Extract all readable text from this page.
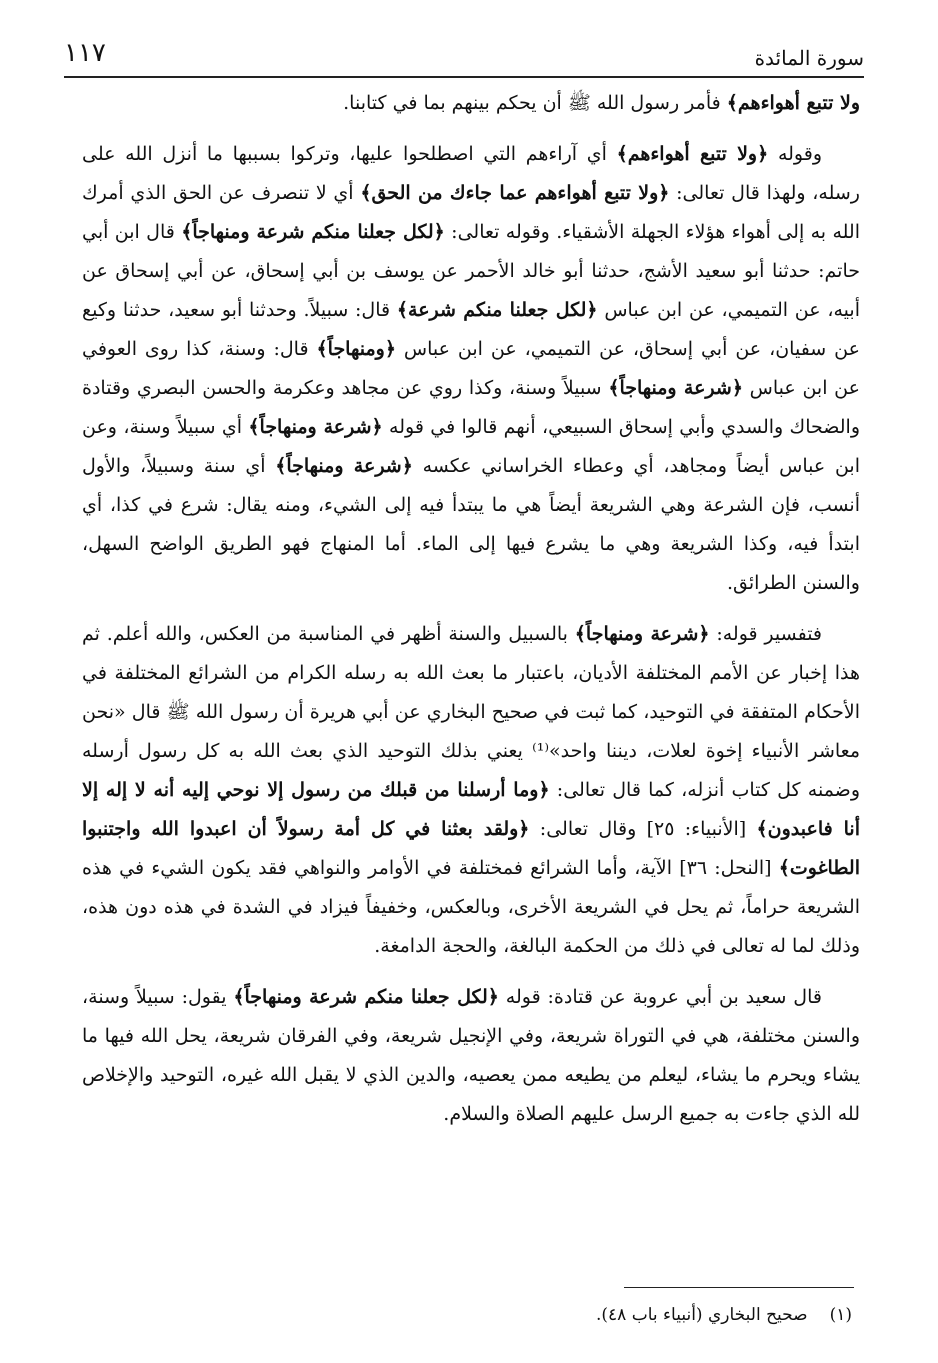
سورة المائدة
١١٧

ولا تتبع أهواءهم﴾ فأمر رسول الله ﷺ أن يحكم بينهم بما في كتابنا.

وقوله ﴿ولا تتبع أهواءهم﴾ أي آراءهم التي اصطلحوا عليها، وتركوا بسببها ما أنزل الله على رسله، ولهذا قال تعالى: ﴿ولا تتبع أهواءهم عما جاءك من الحق﴾ أي لا تنصرف عن الحق الذي أمرك الله به إلى أهواء هؤلاء الجهلة الأشقياء. وقوله تعالى: ﴿لكل جعلنا منكم شرعة ومنهاجاً﴾ قال ابن أبي حاتم: حدثنا أبو سعيد الأشج، حدثنا أبو خالد الأحمر عن يوسف بن أبي إسحاق، عن أبي إسحاق عن أبيه، عن التميمي، عن ابن عباس ﴿لكل جعلنا منكم شرعة﴾ قال: سبيلاً. وحدثنا أبو سعيد، حدثنا وكيع عن سفيان، عن أبي إسحاق، عن التميمي، عن ابن عباس ﴿ومنهاجاً﴾ قال: وسنة، كذا روى العوفي عن ابن عباس ﴿شرعة ومنهاجاً﴾ سبيلاً وسنة، وكذا روي عن مجاهد وعكرمة والحسن البصري وقتادة والضحاك والسدي وأبي إسحاق السبيعي، أنهم قالوا في قوله ﴿شرعة ومنهاجاً﴾ أي سبيلاً وسنة، وعن ابن عباس أيضاً ومجاهد، أي وعطاء الخراساني عكسه ﴿شرعة ومنهاجاً﴾ أي سنة وسبيلاً، والأول أنسب، فإن الشرعة وهي الشريعة أيضاً هي ما يبتدأ فيه إلى الشيء، ومنه يقال: شرع في كذا، أي ابتدأ فيه، وكذا الشريعة وهي ما يشرع فيها إلى الماء. أما المنهاج فهو الطريق الواضح السهل، والسنن الطرائق.

فتفسير قوله: ﴿شرعة ومنهاجاً﴾ بالسبيل والسنة أظهر في المناسبة من العكس، والله أعلم. ثم هذا إخبار عن الأمم المختلفة الأديان، باعتبار ما بعث الله به رسله الكرام من الشرائع المختلفة في الأحكام المتفقة في التوحيد، كما ثبت في صحيح البخاري عن أبي هريرة أن رسول الله ﷺ قال «نحن معاشر الأنبياء إخوة لعلات، ديننا واحد»⁽¹⁾ يعني بذلك التوحيد الذي بعث الله به كل رسول أرسله وضمنه كل كتاب أنزله، كما قال تعالى: ﴿وما أرسلنا من قبلك من رسول إلا نوحي إليه أنه لا إله إلا أنا فاعبدون﴾ [الأنبياء: ٢٥] وقال تعالى: ﴿ولقد بعثنا في كل أمة رسولاً أن اعبدوا الله واجتنبوا الطاغوت﴾ [النحل: ٣٦] الآية، وأما الشرائع فمختلفة في الأوامر والنواهي فقد يكون الشيء في هذه الشريعة حراماً، ثم يحل في الشريعة الأخرى، وبالعكس، وخفيفاً فيزاد في الشدة في هذه دون هذه، وذلك لما له تعالى في ذلك من الحكمة البالغة، والحجة الدامغة.

قال سعيد بن أبي عروبة عن قتادة: قوله ﴿لكل جعلنا منكم شرعة ومنهاجاً﴾ يقول: سبيلاً وسنة، والسنن مختلفة، هي في التوراة شريعة، وفي الإنجيل شريعة، وفي الفرقان شريعة، يحل الله فيها ما يشاء ويحرم ما يشاء، ليعلم من يطيعه ممن يعصيه، والدين الذي لا يقبل الله غيره، التوحيد والإخلاص لله الذي جاءت به جميع الرسل عليهم الصلاة والسلام.

(١)
صحيح البخاري (أنبياء باب ٤٨).
